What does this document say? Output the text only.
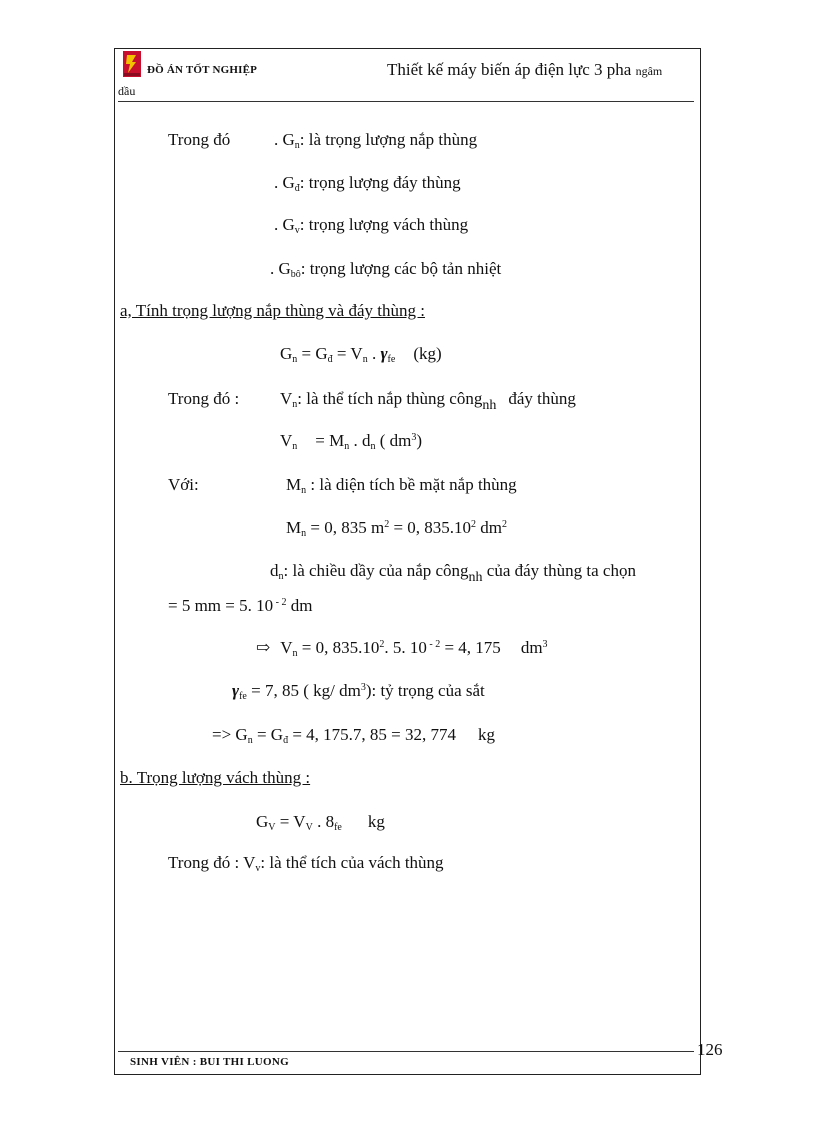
ĐỒ ÁN TỐT NGHIỆP	Thiết kế máy biến áp điện lực 3 pha ngâm
dầu
Trong đó	. $G_n$: là trọng lượng nắp thùng
. $G_đ$: trọng lượng đáy thùng
. $G_v$: trọng lượng vách thùng
. $G_{bô}$: trọng lượng các bộ tản nhiệt
a, Tính trọng lượng nắp thùng và đáy thùng :
$G_n = G_đ = V_n$ . $\gamma_{fe}$ (kg)
Trong đó : $V_n$: là thể tích nắp thùng công$_{nh}$ đáy thùng
$V_n = M_n$ . $d_n$ ( $dm^3$)
Với:	$M_n$ : là diện tích bề mặt nắp thùng
$M_n = 0$, 835 $m^2 = 0$, 835.10$^2$ $dm^2$
$d_n$: là chiều dầy của nắp công$_{nh}$ của đáy thùng ta chọn
= 5 mm = 5. 10 $^{- 2}$ dm
⇨ $V_n = 0$, 835.10$^2$. 5. 10 $^{- 2}$ = 4, 175 $dm^3$
$\gamma_{fe} = 7$, 85 ( kg/ $dm^3$): tỷ trọng của sắt
=> $G_n = G_đ = 4$, 175.7, 85 = 32, 774 kg
b. Trọng lượng vách thùng :
$G_V = V_V$ . $8_{fe}$ kg
Trong đó : $V_v$: là thể tích của vách thùng
126
SINH VIÊN : BUI THI LUONG
